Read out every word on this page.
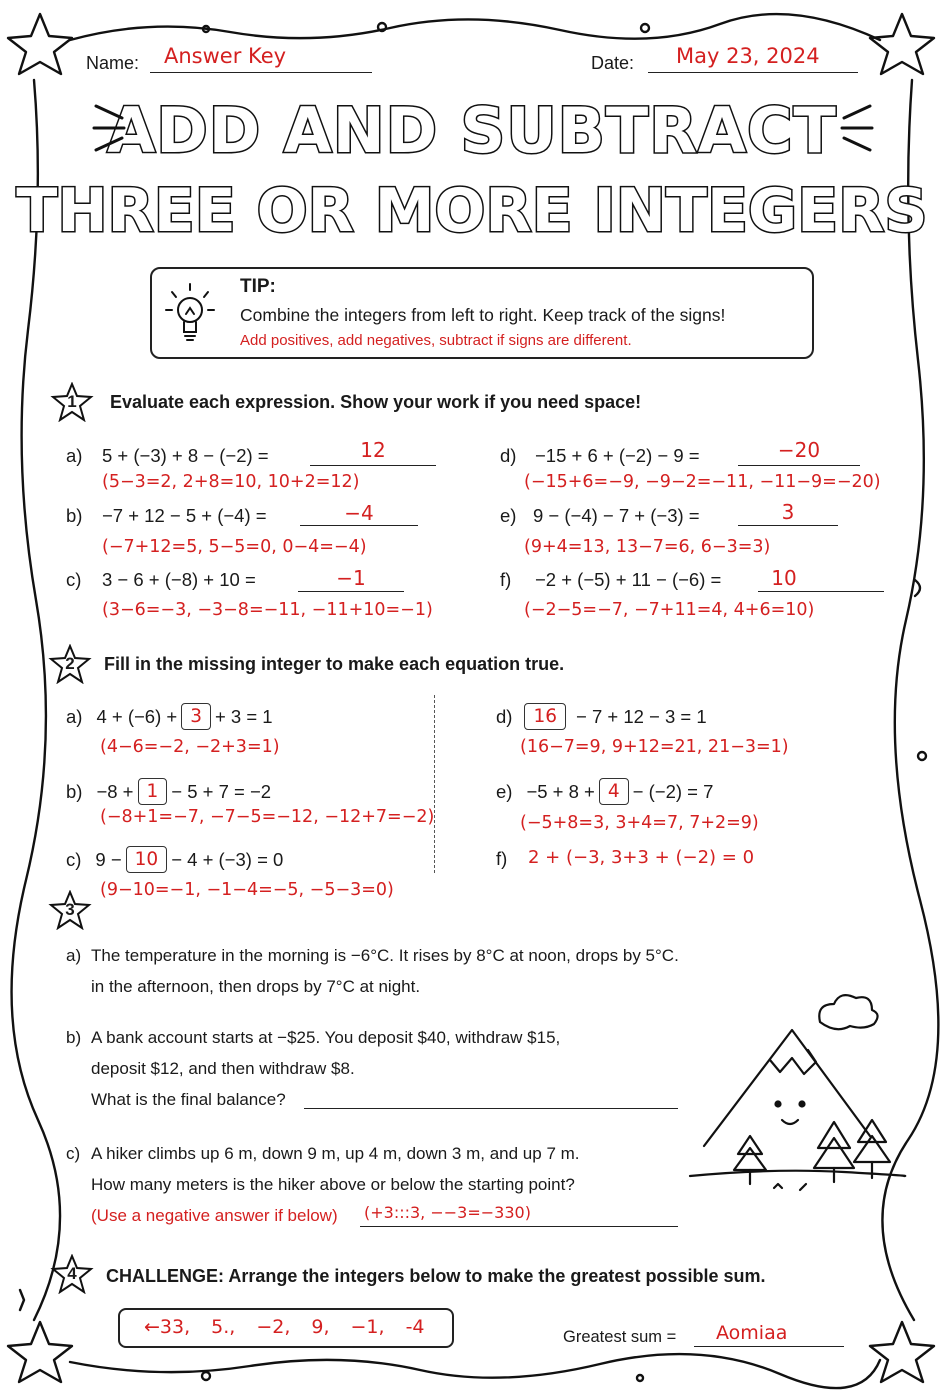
Name: Answer Key	Date: May 23, 2024
ADD AND SUBTRACT
THREE OR MORE INTEGERS
TIP:
Combine the integers from left to right. Keep track of the signs!
Add positives, add negatives, subtract if signs are different.
1	Evaluate each expression. Show your work if you need space!
a) 5 + (−3) + 8 − (−2) =	12
(5−3=2, 2+8=10, 10+2=12)
b) −7 + 12 − 5 + (−4) =	−4
(−7+12=5, 5−5=0, 0−4=−4)
c) 3 − 6 + (−8) + 10 =	−1
(3−6=−3, −3−8=−11, −11+10=−1)
d) −15 + 6 + (−2) − 9 =	−20
(−15+6=−9, −9−2=−11, −11−9=−20)
e) 9 − (−4) − 7 + (−3) =	3
(9+4=13, 13−7=6, 6−3=3)
f) −2 + (−5) + 11 − (−6) =	10
(−2−5=−7, −7+11=4, 4+6=10)
2	Fill in the missing integer to make each equation true.
a) 4 + (−6) + 3 + 3 = 1
(4−6=−2, −2+3=1)
b) −8 + 1 − 5 + 7 = −2
(−8+1=−7, −7−5=−12, −12+7=−2)
c) 9 − 10 − 4 + (−3) = 0
(9−10=−1, −1−4=−5, −5−3=0)
d)	16	− 7 + 12 − 3 = 1
(16−7=9, 9+12=21, 21−3=1)
e) −5 + 8 + 4 − (−2) = 7
(−5+8=3, 3+4=7, 7+2=9)
f) 2 + (−3, 3+3 + (−2) = 0
3
a) The temperature in the morning is −6°C. It rises by 8°C at noon, drops by 5°C.
in the afternoon, then drops by 7°C at night.
b) A bank account starts at −$25. You deposit $40, withdraw $15,
deposit $12, and then withdraw $8.
What is the final balance?
c) A hiker climbs up 6 m, down 9 m, up 4 m, down 3 m, and up 7 m.
How many meters is the hiker above or below the starting point?
(Use a negative answer if below) (+3:::3, −−3=−330)
4	CHALLENGE: Arrange the integers below to make the greatest possible sum.
←33, 5., −2, 9, −1, -4	Greatest sum = Aomiaa
